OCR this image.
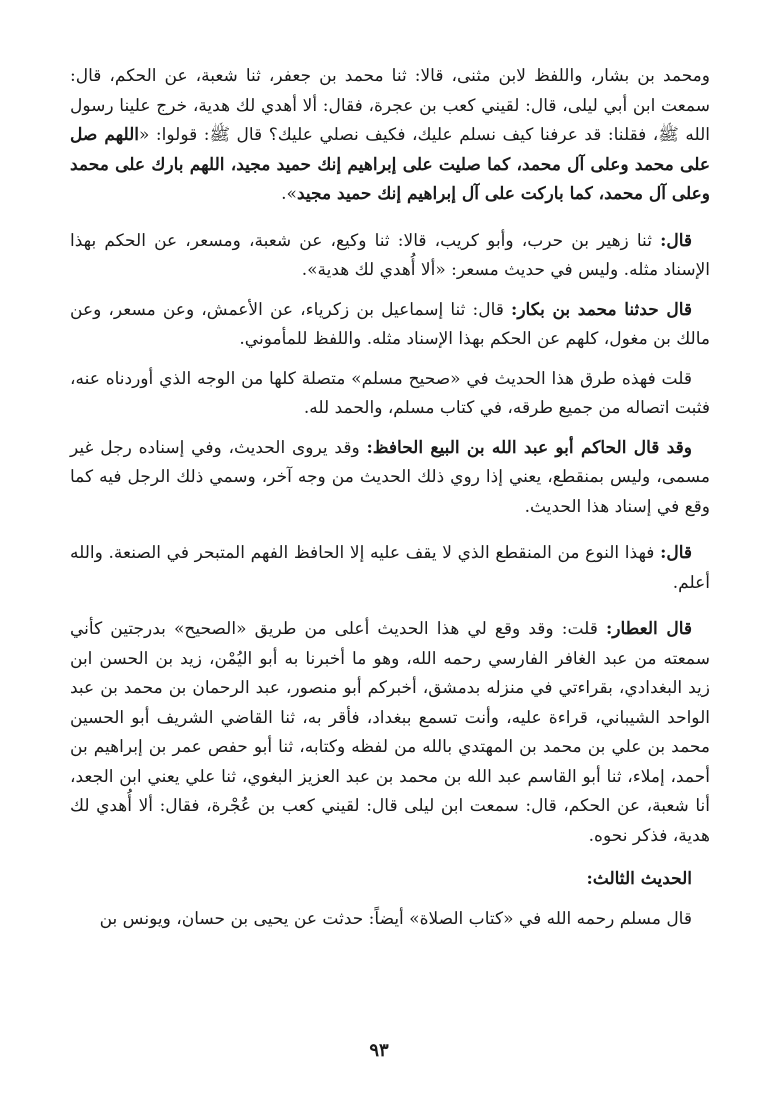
ومحمد بن بشار، واللفظ لابن مثنى، قالا: ثنا محمد بن جعفر، ثنا شعبة، عن الحكم، قال: سمعت ابن أبي ليلى، قال: لقيني كعب بن عجرة، فقال: ألا أهدي لك هدية، خرج علينا رسول الله ﷺ، فقلنا: قد عرفنا كيف نسلم عليك، فكيف نصلي عليك؟ قال ﷺ: قولوا: «اللهم صل على محمد وعلى آل محمد، كما صليت على إبراهيم إنك حميد مجيد، اللهم بارك على محمد وعلى آل محمد، كما باركت على آل إبراهيم إنك حميد مجيد».

قال: ثنا زهير بن حرب، وأبو كريب، قالا: ثنا وكيع، عن شعبة، ومسعر، عن الحكم بهذا الإسناد مثله. وليس في حديث مسعر: «ألا أُهدي لك هدية».

قال حدثنا محمد بن بكار: قال: ثنا إسماعيل بن زكرياء، عن الأعمش، وعن مسعر، وعن مالك بن مغول، كلهم عن الحكم بهذا الإسناد مثله. واللفظ للمأموني.

قلت فهذه طرق هذا الحديث في «صحيح مسلم» متصلة كلها من الوجه الذي أوردناه عنه، فثبت اتصاله من جميع طرقه، في كتاب مسلم، والحمد لله.

وقد قال الحاكم أبو عبد الله بن البيع الحافظ: وقد يروى الحديث، وفي إسناده رجل غير مسمى، وليس بمنقطع، يعني إذا روي ذلك الحديث من وجه آخر، وسمي ذلك الرجل فيه كما وقع في إسناد هذا الحديث.

قال: فهذا النوع من المنقطع الذي لا يقف عليه إلا الحافظ الفهم المتبحر في الصنعة. والله أعلم.

قال العطار: قلت: وقد وقع لي هذا الحديث أعلى من طريق «الصحيح» بدرجتين كأني سمعته من عبد الغافر الفارسي رحمه الله، وهو ما أخبرنا به أبو اليُمْن، زيد بن الحسن ابن زيد البغدادي، بقراءتي في منزله بدمشق، أخبركم أبو منصور، عبد الرحمان بن محمد بن عبد الواحد الشيباني، قراءة عليه، وأنت تسمع ببغداد، فأقر به، ثنا القاضي الشريف أبو الحسين محمد بن علي بن محمد بن المهتدي بالله من لفظه وكتابه، ثنا أبو حفص عمر بن إبراهيم بن أحمد، إملاء، ثنا أبو القاسم عبد الله بن محمد بن عبد العزيز البغوي، ثنا علي يعني ابن الجعد، أنا شعبة، عن الحكم، قال: سمعت ابن ليلى قال: لقيني كعب بن عُجْرة، فقال: ألا أُهدي لك هدية، فذكر نحوه.

الحديث الثالث:

قال مسلم رحمه الله في «كتاب الصلاة» أيضاً: حدثت عن يحيى بن حسان، ويونس بن

٩٣
